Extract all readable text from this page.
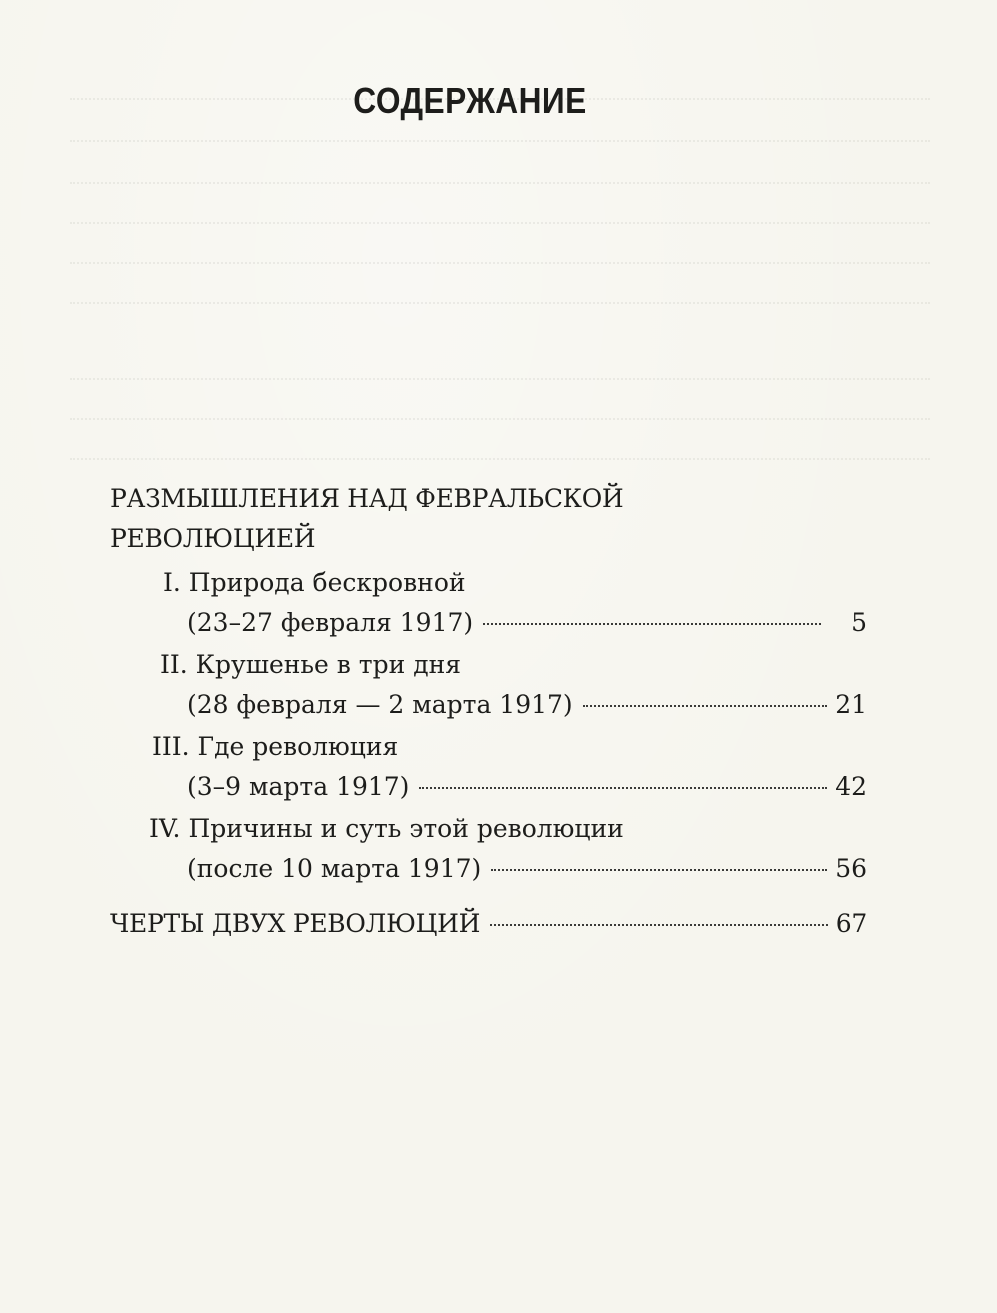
СОДЕРЖАНИЕ
РАЗМЫШЛЕНИЯ НАД ФЕВРАЛЬСКОЙ
РЕВОЛЮЦИЕЙ
I. Природа бескровной
(23–27 февраля 1917)	5
II. Крушенье в три дня
(28 февраля — 2 марта 1917)	21
III. Где революция
(3–9 марта 1917)	42
IV. Причины и суть этой революции
(после 10 марта 1917)	56
ЧЕРТЫ ДВУХ РЕВОЛЮЦИЙ	67
